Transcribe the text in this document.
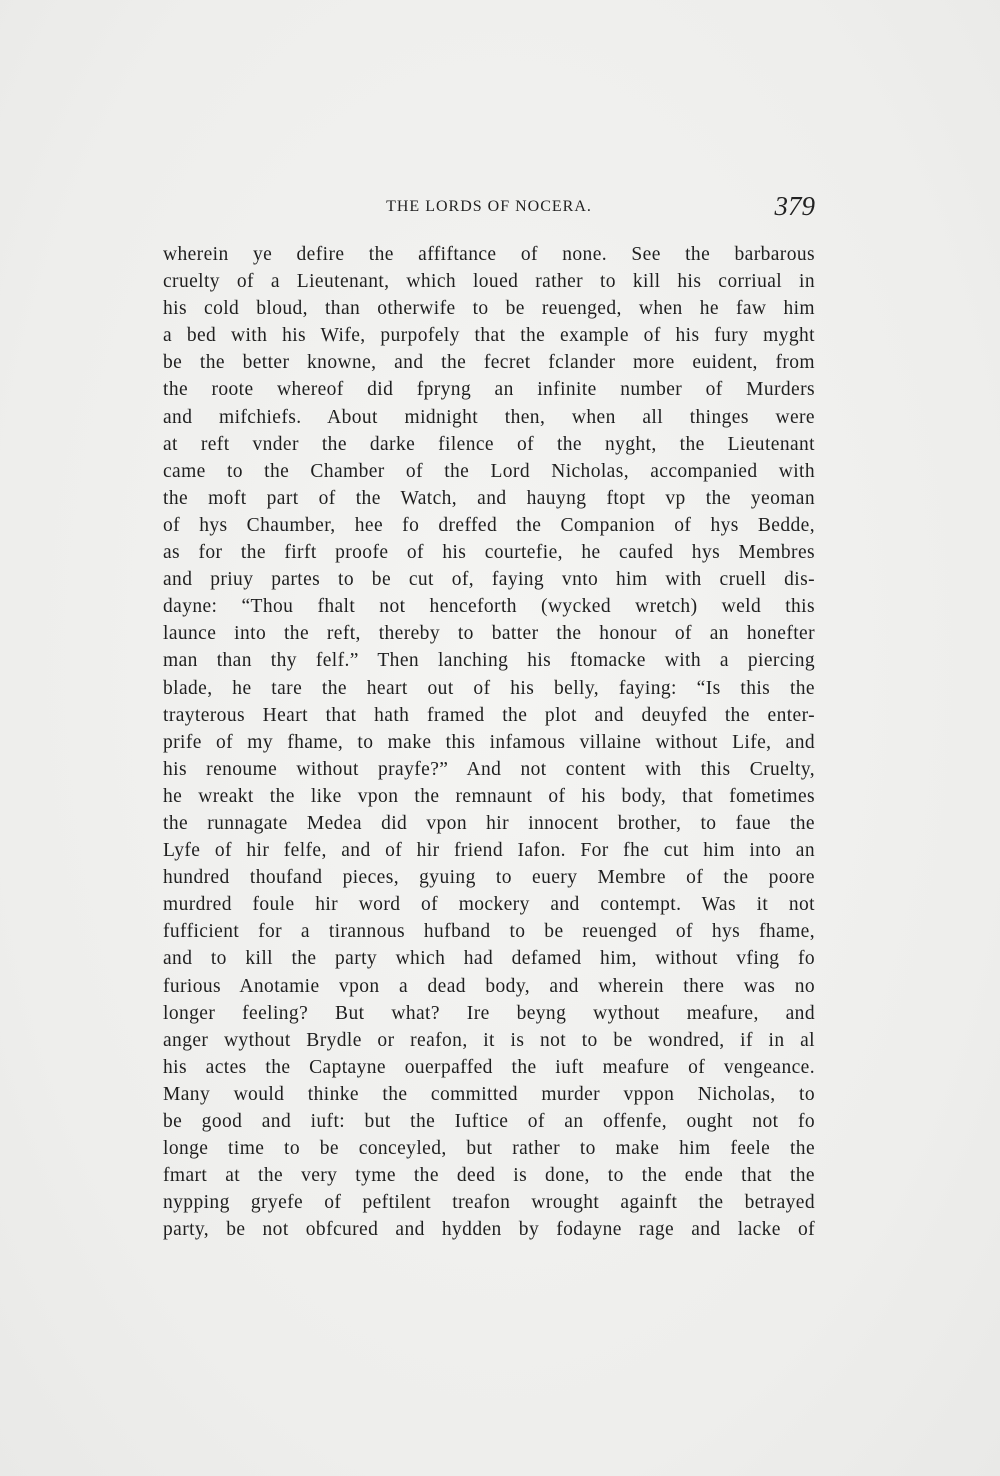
THE LORDS OF NOCERA.	379
wherein ye defire the affiftance of none. See the barbarous
cruelty of a Lieutenant, which loued rather to kill his corriual in
his cold bloud, than otherwife to be reuenged, when he faw him
a bed with his Wife, purpofely that the example of his fury myght
be the better knowne, and the fecret fclander more euident, from
the roote whereof did fpryng an infinite number of Murders
and mifchiefs. About midnight then, when all thinges were
at reft vnder the darke filence of the nyght, the Lieutenant
came to the Chamber of the Lord Nicholas, accompanied with
the moft part of the Watch, and hauyng ftopt vp the yeoman
of hys Chaumber, hee fo dreffed the Companion of hys Bedde,
as for the firft proofe of his courtefie, he caufed hys Membres
and priuy partes to be cut of, faying vnto him with cruell dis-
dayne: “Thou fhalt not henceforth (wycked wretch) weld this
launce into the reft, thereby to batter the honour of an honefter
man than thy felf.” Then lanching his ftomacke with a piercing
blade, he tare the heart out of his belly, faying: “Is this the
trayterous Heart that hath framed the plot and deuyfed the enter-
prife of my fhame, to make this infamous villaine without Life, and
his renoume without prayfe?” And not content with this Cruelty,
he wreakt the like vpon the remnaunt of his body, that fometimes
the runnagate Medea did vpon hir innocent brother, to faue the
Lyfe of hir felfe, and of hir friend Iafon. For fhe cut him into an
hundred thoufand pieces, gyuing to euery Membre of the poore
murdred foule hir word of mockery and contempt. Was it not
fufficient for a tirannous hufband to be reuenged of hys fhame,
and to kill the party which had defamed him, without vfing fo
furious Anotamie vpon a dead body, and wherein there was no
longer feeling? But what? Ire beyng wythout meafure, and
anger wythout Brydle or reafon, it is not to be wondred, if in al
his actes the Captayne ouerpaffed the iuft meafure of vengeance.
Many would thinke the committed murder vppon Nicholas, to
be good and iuft: but the Iuftice of an offenfe, ought not fo
longe time to be conceyled, but rather to make him feele the
fmart at the very tyme the deed is done, to the ende that the
nypping gryefe of peftilent treafon wrought againft the betrayed
party, be not obfcured and hydden by fodayne rage and lacke of
